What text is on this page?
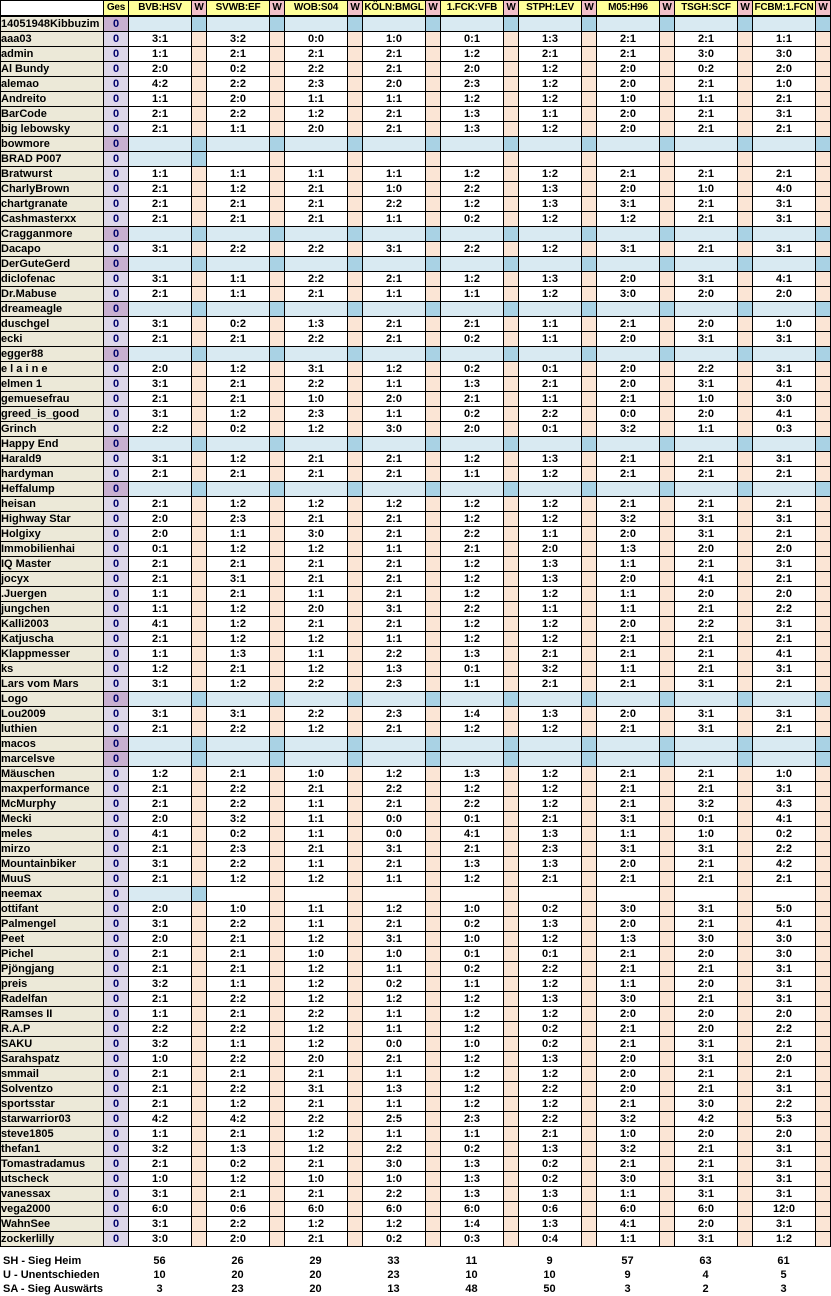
	Ges	BVB:HSV	W	SVWB:EF	W	WOB:S04	W	KÖLN:BMGL	W	1.FCK:VFB	W	STPH:LEV	W	M05:H96	W	TSGH:SCF	W	FCBM:1.FCN	W
14051948Kibbuzim	0																		
aaa03	0	3:1		3:2		0:0		1:0		0:1		1:3		2:1		2:1		1:1	
admin	0	1:1		2:1		2:1		2:1		1:2		2:1		2:1		3:0		3:0	
Al Bundy	0	2:0		0:2		2:2		2:1		2:0		1:2		2:0		0:2		2:0	
alemao	0	4:2		2:2		2:3		2:0		2:3		1:2		2:0		2:1		1:0	
Andreito	0	1:1		2:0		1:1		1:1		1:2		1:2		1:0		1:1		2:1	
BarCode	0	2:1		2:2		1:2		2:1		1:3		1:1		2:0		2:1		3:1	
big lebowsky	0	2:1		1:1		2:0		2:1		1:3		1:2		2:0		2:1		2:1	
bowmore	0																		
BRAD P007	0																		
Bratwurst	0	1:1		1:1		1:1		1:1		1:2		1:2		2:1		2:1		2:1	
CharlyBrown	0	2:1		1:2		2:1		1:0		2:2		1:3		2:0		1:0		4:0	
chartgranate	0	2:1		2:1		2:1		2:2		1:2		1:3		3:1		2:1		3:1	
Cashmasterxx	0	2:1		2:1		2:1		1:1		0:2		1:2		1:2		2:1		3:1	
Cragganmore	0																		
Dacapo	0	3:1		2:2		2:2		3:1		2:2		1:2		3:1		2:1		3:1	
DerGuteGerd	0																		
diclofenac	0	3:1		1:1		2:2		2:1		1:2		1:3		2:0		3:1		4:1	
Dr.Mabuse	0	2:1		1:1		2:1		1:1		1:1		1:2		3:0		2:0		2:0	
dreameagle	0																		
duschgel	0	3:1		0:2		1:3		2:1		2:1		1:1		2:1		2:0		1:0	
ecki	0	2:1		2:1		2:2		2:1		0:2		1:1		2:0		3:1		3:1	
egger88	0																		
e l a i n e	0	2:0		1:2		3:1		1:2		0:2		0:1		2:0		2:2		3:1	
elmen 1	0	3:1		2:1		2:2		1:1		1:3		2:1		2:0		3:1		4:1	
gemuesefrau	0	2:1		2:1		1:0		2:0		2:1		1:1		2:1		1:0		3:0	
greed_is_good	0	3:1		1:2		2:3		1:1		0:2		2:2		0:0		2:0		4:1	
Grinch	0	2:2		0:2		1:2		3:0		2:0		0:1		3:2		1:1		0:3	
Happy End	0																		
Harald9	0	3:1		1:2		2:1		2:1		1:2		1:3		2:1		2:1		3:1	
hardyman	0	2:1		2:1		2:1		2:1		1:1		1:2		2:1		2:1		2:1	
Heffalump	0																		
heisan	0	2:1		1:2		1:2		1:2		1:2		1:2		2:1		2:1		2:1	
Highway Star	0	2:0		2:3		2:1		2:1		1:2		1:2		3:2		3:1		3:1	
Holgixy	0	2:0		1:1		3:0		2:1		2:2		1:1		2:0		3:1		2:1	
Immobilienhai	0	0:1		1:2		1:2		1:1		2:1		2:0		1:3		2:0		2:0	
IQ Master	0	2:1		2:1		2:1		2:1		1:2		1:3		1:1		2:1		3:1	
jocyx	0	2:1		3:1		2:1		2:1		1:2		1:3		2:0		4:1		2:1	
.Juergen	0	1:1		2:1		1:1		2:1		1:2		1:2		1:1		2:0		2:0	
jungchen	0	1:1		1:2		2:0		3:1		2:2		1:1		1:1		2:1		2:2	
Kalli2003	0	4:1		1:2		2:1		2:1		1:2		1:2		2:0		2:2		3:1	
Katjuscha	0	2:1		1:2		1:2		1:1		1:2		1:2		2:1		2:1		2:1	
Klappmesser	0	1:1		1:3		1:1		2:2		1:3		2:1		2:1		2:1		4:1	
ks	0	1:2		2:1		1:2		1:3		0:1		3:2		1:1		2:1		3:1	
Lars vom Mars	0	3:1		1:2		2:2		2:3		1:1		2:1		2:1		3:1		2:1	
Logo	0																		
Lou2009	0	3:1		3:1		2:2		2:3		1:4		1:3		2:0		3:1		3:1	
luthien	0	2:1		2:2		1:2		2:1		1:2		1:2		2:1		3:1		2:1	
macos	0																		
marcelsve	0																		
Mäuschen	0	1:2		2:1		1:0		1:2		1:3		1:2		2:1		2:1		1:0	
maxperformance	0	2:1		2:2		2:1		2:2		1:2		1:2		2:1		2:1		3:1	
McMurphy	0	2:1		2:2		1:1		2:1		2:2		1:2		2:1		3:2		4:3	
Mecki	0	2:0		3:2		1:1		0:0		0:1		2:1		3:1		0:1		4:1	
meles	0	4:1		0:2		1:1		0:0		4:1		1:3		1:1		1:0		0:2	
mirzo	0	2:1		2:3		2:1		3:1		2:1		2:3		3:1		3:1		2:2	
Mountainbiker	0	3:1		2:2		1:1		2:1		1:3		1:3		2:0		2:1		4:2	
MuuS	0	2:1		1:2		1:2		1:1		1:2		2:1		2:1		2:1		2:1	
neemax	0																		
ottifant	0	2:0		1:0		1:1		1:2		1:0		0:2		3:0		3:1		5:0	
Palmengel	0	3:1		2:2		1:1		2:1		0:2		1:3		2:0		2:1		4:1	
Peet	0	2:0		2:1		1:2		3:1		1:0		1:2		1:3		3:0		3:0	
Pichel	0	2:1		2:1		1:0		1:0		0:1		0:1		2:1		2:0		3:0	
Pjöngjang	0	2:1		2:1		1:2		1:1		0:2		2:2		2:1		2:1		3:1	
preis	0	3:2		1:1		1:2		0:2		1:1		1:2		1:1		2:0		3:1	
Radelfan	0	2:1		2:2		1:2		1:2		1:2		1:3		3:0		2:1		3:1	
Ramses II	0	1:1		2:1		2:2		1:1		1:2		1:2		2:0		2:0		2:0	
R.A.P	0	2:2		2:2		1:2		1:1		1:2		0:2		2:1		2:0		2:2	
SAKU	0	3:2		1:1		1:2		0:0		1:0		0:2		2:1		3:1		2:1	
Sarahspatz	0	1:0		2:2		2:0		2:1		1:2		1:3		2:0		3:1		2:0	
smmail	0	2:1		2:1		2:1		1:1		1:2		1:2		2:0		2:1		2:1	
Solventzo	0	2:1		2:2		3:1		1:3		1:2		2:2		2:0		2:1		3:1	
sportsstar	0	2:1		1:2		2:1		1:1		1:2		1:2		2:1		3:0		2:2	
starwarrior03	0	4:2		4:2		2:2		2:5		2:3		2:2		3:2		4:2		5:3	
steve1805	0	1:1		2:1		1:2		1:1		1:1		2:1		1:0		2:0		2:0	
thefan1	0	3:2		1:3		1:2		2:2		0:2		1:3		3:2		2:1		3:1	
Tomastradamus	0	2:1		0:2		2:1		3:0		1:3		0:2		2:1		2:1		3:1	
utscheck	0	1:0		1:2		1:0		1:0		1:3		0:2		3:0		3:1		3:1	
vanessax	0	3:1		2:1		2:1		2:2		1:3		1:3		1:1		3:1		3:1	
vega2000	0	6:0		0:6		6:0		6:0		6:0		0:6		6:0		6:0		12:0	
WahnSee	0	3:1		2:2		1:2		1:2		1:4		1:3		4:1		2:0		3:1	
zockerlilly	0	3:0		2:0		2:1		0:2		0:3		0:4		1:1		3:1		1:2	
SH - Sieg Heim	56		26		29		33		11		9		57		63		61	
U - Unentschieden	10		20		20		23		10		10		9		4		5	
SA - Sieg Auswärts	3		23		20		13		48		50		3		2		3	
